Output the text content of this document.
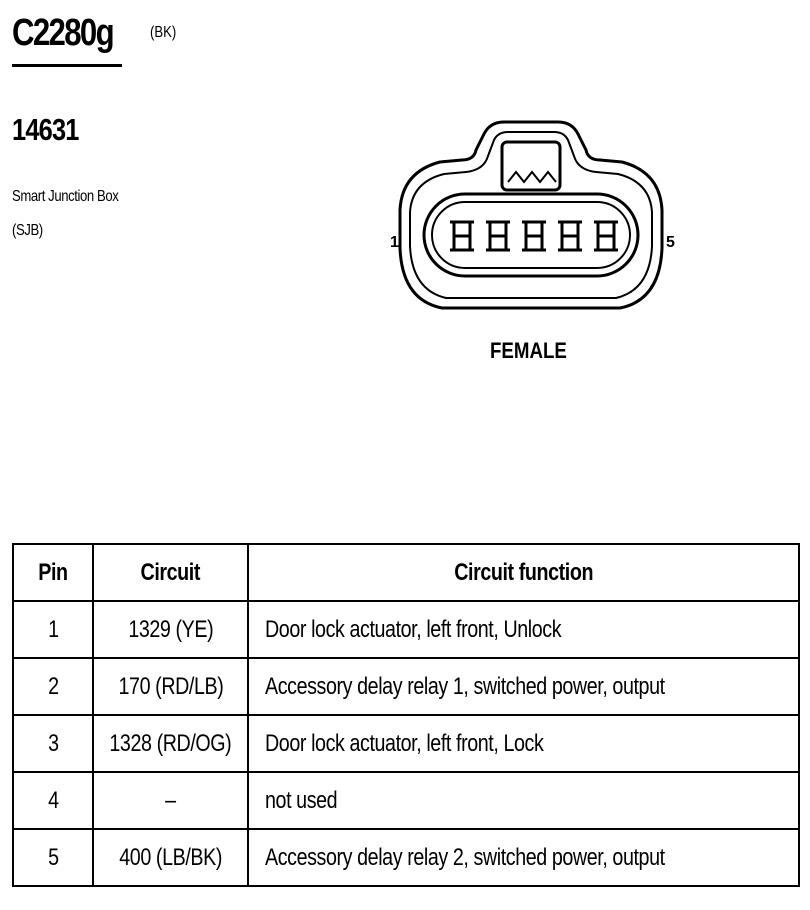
C2280g (BK)
14631
Smart Junction Box
(SJB)
1	5
FEMALE
Pin	Circuit	Circuit function
1	1329 (YE)	Door lock actuator, left front, Unlock
2	170 (RD/LB)	Accessory delay relay 1, switched power, output
3	1328 (RD/OG)	Door lock actuator, left front, Lock
4	–	not used
5	400 (LB/BK)	Accessory delay relay 2, switched power, output
